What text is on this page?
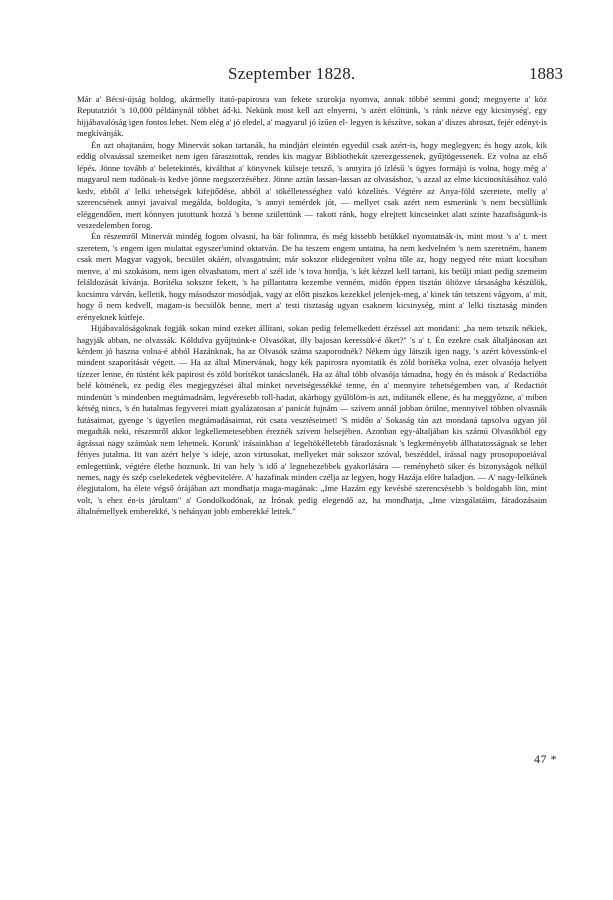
Szeptember 1828.	1883

Már a' Bécsi-újság boldog, akármelly itató-papirosra van fekete szurokja nyomva, annak többé semmi gond; megnyerte a' köz Reputatziót 's 10,000 példánynál többet ád-ki. Nekünk most kell azt elnyerni, 's azért előttünk, 's ránk nézve egy kicsinység', egy hijjábavalóság igen fontos lehet. Nem elég a' jó eledel, a' magyarul jó ízűen el- legyen is készítve, sokan a' diszes abroszt, fejér edényt-is megkívánják.

Én azt ohajtanám, hogy Minervát sokan tartanák, ha mindjárt eleintén egyedül csak azért-is, hogy meglegyen; és hogy azok, kik eddig olvasással szemeiket nem igen fárasztottak, rendes kis magyar Bibliothekát szerezgessenek, gyűjtögessenek. Ez volna az első lépés. Jönne tovább a' beletekintés, kiválthat a' könyvnek külseje tetsző, 's annyira jó ízlésű 's ügyes formájú is volna, hogy még a' magyarul nem tudónak-is kedve jönne megszerzéséhez. Jönne aztán lassan-lassan az olvasáshoz, 's azzal az elme kicsinosításához való kedv, ebből a' lelki tehetségek kifejtődése, abból a' tökélletességhez való közelítés. Végtére az Anya-föld szeretete, melly a' szerencsének annyi javaival megálda, boldogíta, 's annyi temérdek jót, — mellyet csak azért nem esmerünk 's nem becsüllünk eléggendően, mert könnyen jutottunk hozzá 's benne születtünk — rakott ránk, hogy elrejtett kincseinket alatt szinte hazafiságunk-is veszedelemben forog.

Én részemről Minervát mindég fogom olvasni, ha bár folinmra, és még kissebb betűkkel nyomtatnák-is, mint most 's a' t. mert szeretem, 's engem igen mulattat egyszer'smind oktatván. De ha teszem engem untatna, ha nem kedvelném 's nem szeretném, hanem csak mert Magyar vagyok, becsület okáért, olvasgatnám; már sokszor elidegenített volna tőle az, hogy negyed réte miatt kocsiban menve, a' mi szokásom, nem igen olvashatom, mert a' szél ide 's tova hordja, 's két kézzel kell tartani, kis betűji miatt pedig szemeim feláldozását kívánja. Borítéka sokszor fekett, 's ha pillantatra kezembe venném, midőn éppen tisztán öltözve társaságba készülök, kocsimra várván, kelletik, hogy másodszor mosódjak, vagy az előtt piszkos kezekkel jelenjek-meg, a' kinek tán tetszeni vágyom, a' mit, hogy ő nem kedvell, magam-is becsülök benne, mert a' testi tisztaság ugyan csaknem kicsinység, mint a' lelki tisztaság minden erényeknek kútfeje.

Hijábavalóságoknak fogják sokan mind ezeket állítani, sokan pedig felemelkedett érzéssel azt mondani: „ha nem tetszik nékiek, hagyják abban, ne olvassák. Kóldulva gyűjtsünk-e Olvasókat, illy bajosan keressük-é őket?" 's a' t. Én ezekre csak általjánosan azt kérdem jó haszna volna-é abból Hazánknak, ha az Olvasók száma szaporodnék? Nékem úgy látszik igen nagy, 's azért kövessünk-el mindent szaporítását végett. — Ha az által Minervának, hogy kék papirosra nyomtatik és zöld borítéka volna, ezer olvasója helyett tízezer lenne, én tüstént kék papirost és zöld borítékot tanácslanék. Ha az által több olvasója támadna, hogy én és mások a' Redactióba belé kötnének, ez pedig éles megjegyzései által minket nevetségessékké tenne, én a' mennyire tehetségemben van, a' Redactiót mindenütt 's mindenben megtámadnám, legvéresebb toll-hadat, akárhogy gyűlölöm-is azt, indítanék ellene, és ha meggyőzne, a' miben kétség nincs, 's én hatalmas fegyverei miatt gyalázatosan a' panicát fujnám — szívem annál jobban örülne, mennyivel többen olvasnák futásaimat, gyenge 's ügyetlen megtámadásaimat, rút csata vesztéseimet! 'S midőn a' Sokaság tán azt mondaná tapsolva ugyan jól megadták neki, részemről akkor legkellemetesebben éreznék szívem belsejében. Azonban egy-általjában kis számú Olvasókból egy ágrássai nagy számúak nem lehetnek. Korunk' irásainkban a' legeltökélletebb fáradozásnak 's legkeményebb állhatatosságnak se lehet fényes jutalma. Itt van azért helye 's ideje, azon virtusokat, mellyeket már sokszor szóval, beszéddel, írással nagy prosopopoeiával emlegettünk, végtére életbe hoznunk. Iti van hely 's idő a' legnehezebbek gyakorlására — reményhetö siker és bizonyságok nélkül nemes, nagy és szép cselekedetek végbevitelére. A' hazafinak minden czélja az legyen, hogy Hazája előre haladjon. — A' nagy-lelkűnek élegjutalom, ha élete végső órájában azt mondhatja maga-magának: „Ime Hazám egy kevésbé szerencsésebb 's boldogabb lön, mint volt, 's ehez én-is járultam" a' Gondolkodónak, az Írónak pedig elegendő az, ha mondhatja, „Ime vizsgálatáim, fáradozásaim általnémellyek emberekké, 's nehányan jobb emberekké lettek."

47 *
